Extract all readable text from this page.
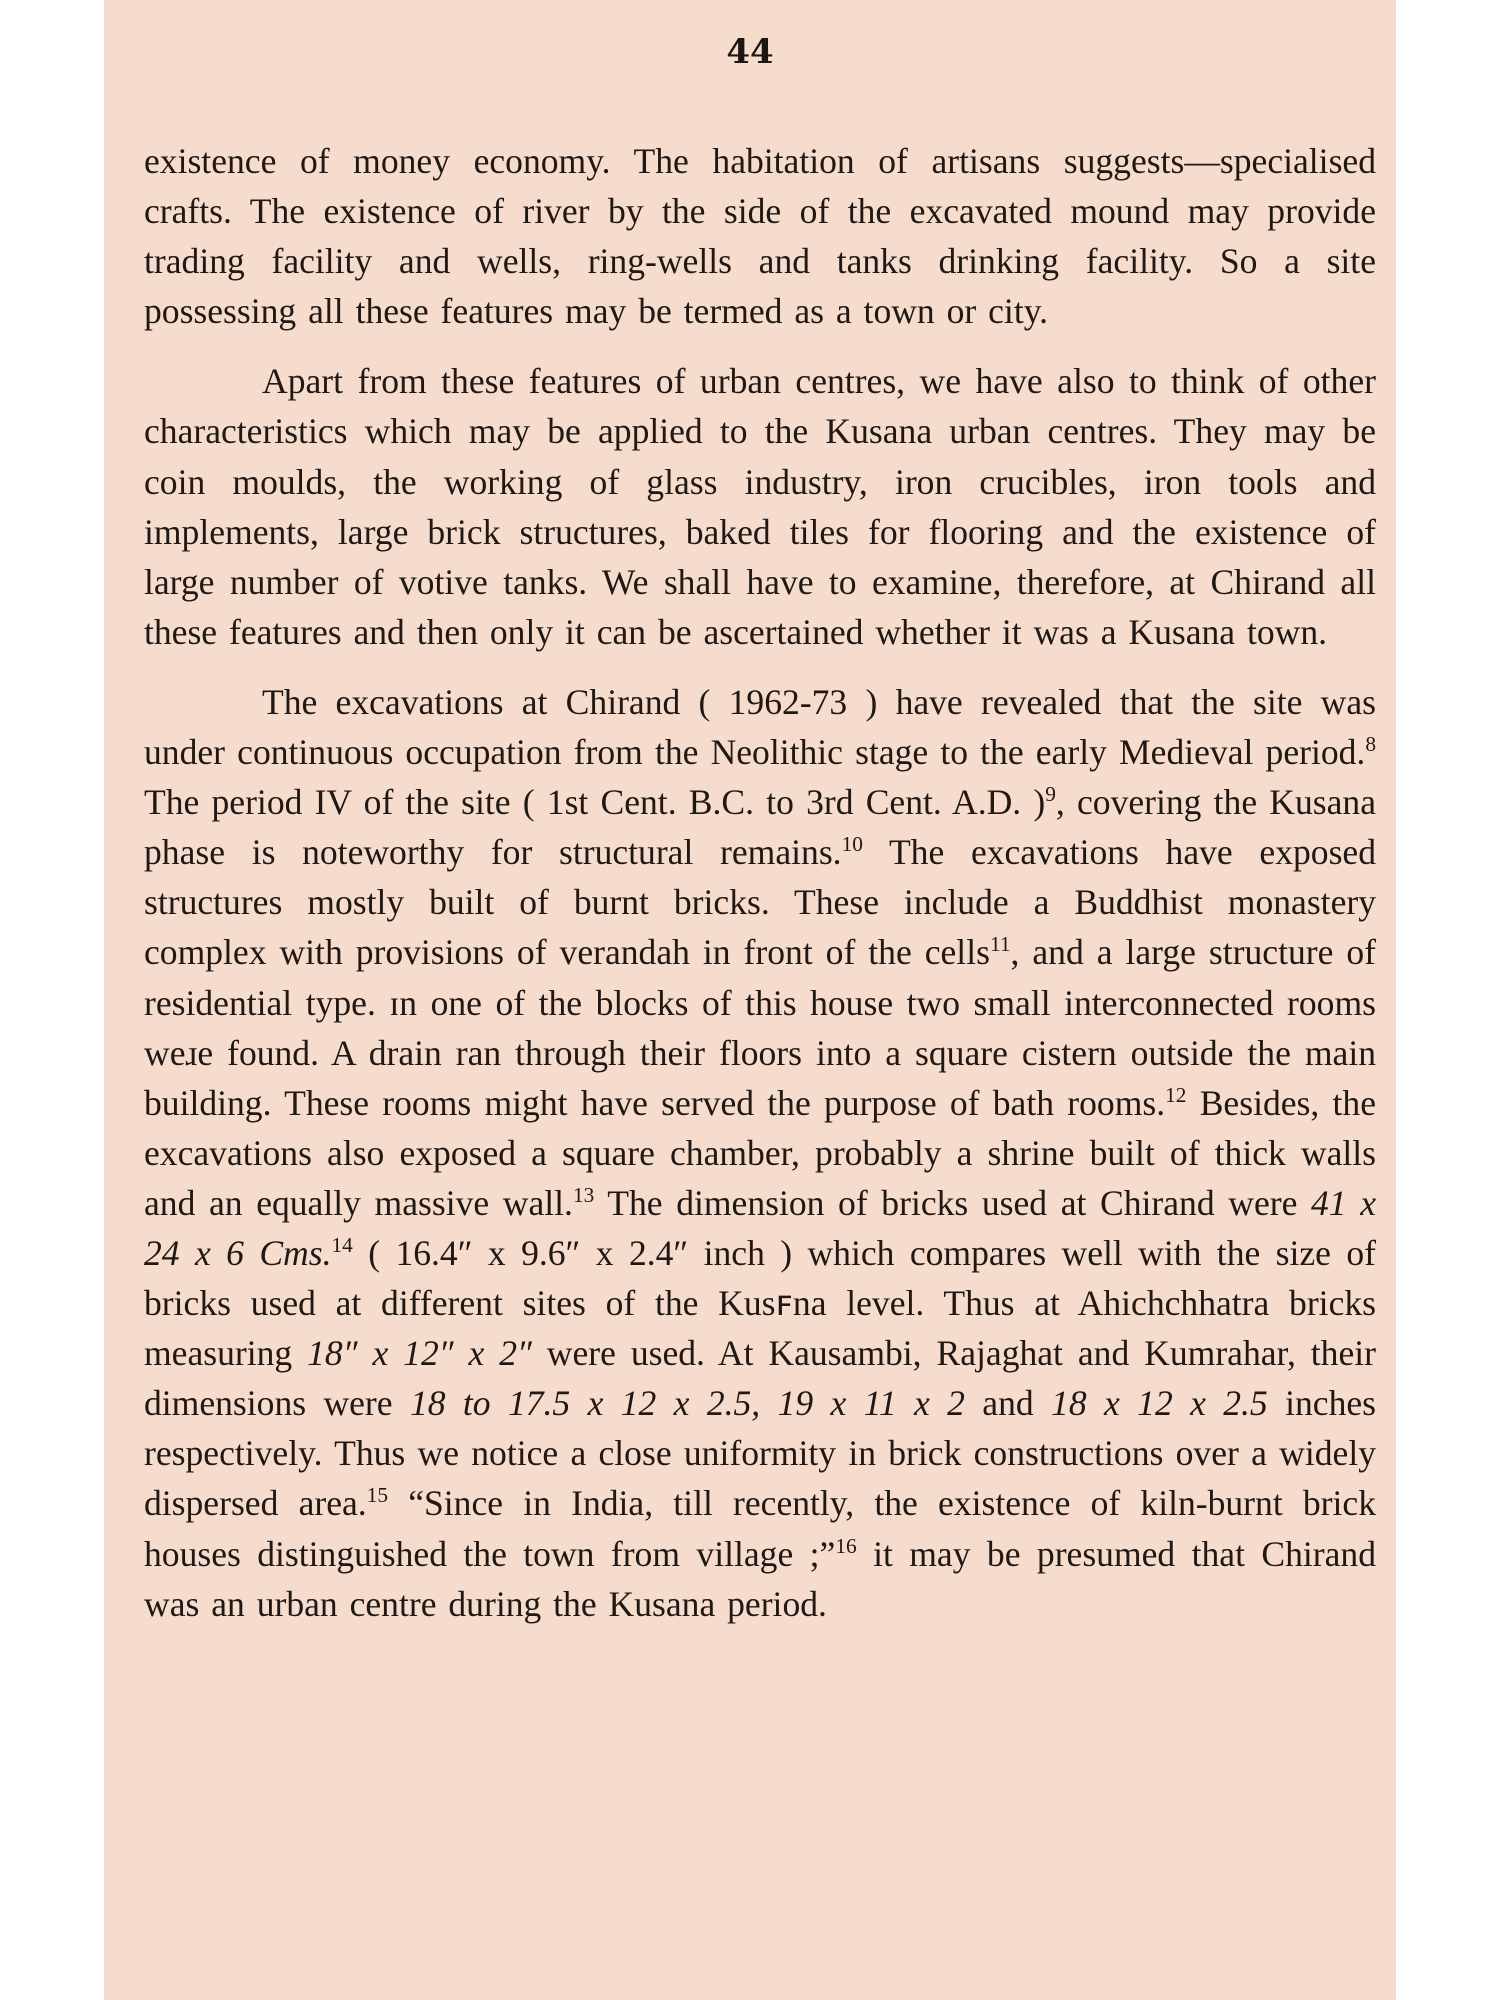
44

existence of money economy. The habitation of artisans suggests—specialised crafts. The existence of river by the side of the excavated mound may provide trading facility and wells, ring-wells and tanks drinking facility. So a site possessing all these features may be termed as a town or city.

Apart from these features of urban centres, we have also to think of other characteristics which may be applied to the Kusana urban centres. They may be coin moulds, the working of glass industry, iron crucibles, iron tools and implements, large brick structures, baked tiles for flooring and the existence of large number of votive tanks. We shall have to examine, therefore, at Chirand all these features and then only it can be ascertained whether it was a Kusana town.

The excavations at Chirand ( 1962-73 ) have revealed that the site was under continuous occupation from the Neolithic stage to the early Medieval period.$^8$ The period IV of the site ( 1st Cent. B.C. to 3rd Cent. A.D. )$^9$, covering the Kusana phase is noteworthy for structural remains.$^{10}$ The excavations have exposed structures mostly built of burnt bricks. These include a Buddhist monastery complex with provisions of verandah in front of the cells$^{11}$, and a large structure of residential type. ɪn one of the blocks of this house two small interconnected rooms weɹe found. A drain ran through their floors into a square cistern outside the main building. These rooms might have served the purpose of bath rooms.$^{12}$ Besides, the excavations also exposed a square chamber, probably a shrine built of thick walls and an equally massive wall.$^{13}$ The dimension of bricks used at Chirand were 41 x 24 x 6 Cms.$^{14}$ ( 16.4″ x 9.6″ x 2.4″ inch ) which compares well with the size of bricks used at different sites of the Kusꜰna level. Thus at Ahichchhatra bricks measuring 18″ x 12″ x 2″ were used. At Kausambi, Rajaghat and Kumrahar, their dimensions were 18 to 17.5 x 12 x 2.5, 19 x 11 x 2 and 18 x 12 x 2.5 inches respectively. Thus we notice a close uniformity in brick constructions over a widely dispersed area.$^{15}$ “Since in India, till recently, the existence of kiln-burnt brick houses distinguished the town from village ;”$^{16}$ it may be presumed that Chirand was an urban centre during the Kusana period.
